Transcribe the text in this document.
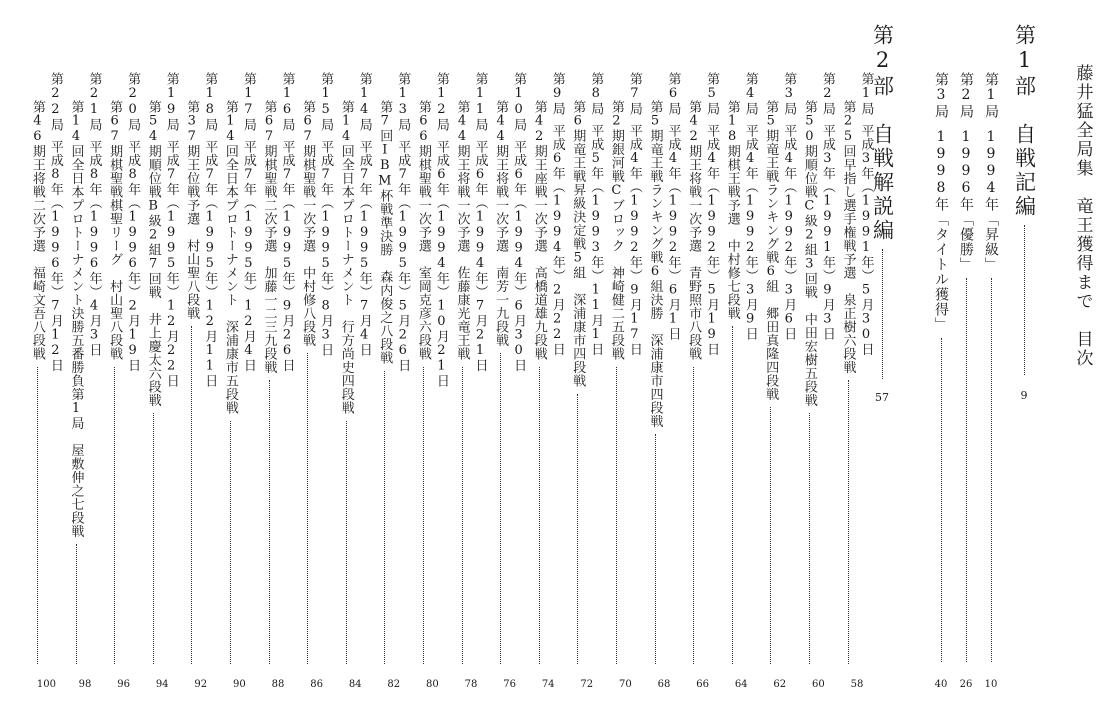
藤井猛全局集　竜王獲得まで　目次
第1部　自戦記編
9
第1局
1994年「昇級」
10
第2局
1996年「優勝」
26
第3局
1998年「タイトル獲得」
40
第2部　自戦解説編
57
第1局
平成3年（1991年）5月30日
第25回早指し選手権戦予選　泉正樹六段戦
58
第2局
平成3年（1991年）9月3日
第50期順位戦C級2組3回戦　中田宏樹五段戦
60
第3局
平成4年（1992年）3月6日
第5期竜王戦ランキング戦6組　郷田真隆四段戦
62
第4局
平成4年（1992年）3月9日
第18期棋王戦予選　中村修七段戦
64
第5局
平成4年（1992年）5月19日
第42期王将戦一次予選　青野照市八段戦
66
第6局
平成4年（1992年）6月1日
第5期竜王戦ランキング戦6組決勝　深浦康市四段戦
68
第7局
平成4年（1992年）9月17日
第2期銀河戦Cブロック　神崎健二五段戦
70
第8局
平成5年（1993年）11月1日
第6期竜王戦昇級決定戦5組　深浦康市四段戦
72
第9局
平成6年（1994年）2月22日
第42期王座戦一次予選　高橋道雄九段戦
74
第10局
平成6年（1994年）6月30日
第44期王将戦一次予選　南芳一九段戦
76
第11局
平成6年（1994年）7月21日
第44期王将戦一次予選　佐藤康光竜王戦
78
第12局
平成6年（1994年）10月21日
第66期棋聖戦一次予選　室岡克彦六段戦
80
第13局
平成7年（1995年）5月26日
第7回IBM杯戦準決勝　森内俊之八段戦
82
第14局
平成7年（1995年）7月4日
第14回全日本プロトーナメント　行方尚史四段戦
84
第15局
平成7年（1995年）8月3日
第67期棋聖戦一次予選　中村修八段戦
86
第16局
平成7年（1995年）9月26日
第67期棋聖戦二次予選　加藤一二三九段戦
88
第17局
平成7年（1995年）12月4日
第14回全日本プロトーナメント　深浦康市五段戦
90
第18局
平成7年（1995年）12月11日
第37期王位戦予選　村山聖八段戦
92
第19局
平成7年（1995年）12月22日
第54期順位戦B級2組7回戦　井上慶太六段戦
94
第20局
平成8年（1996年）2月19日
第67期棋聖戦棋聖リーグ　村山聖八段戦
96
第21局
平成8年（1996年）4月3日
第14回全日本プロトーナメント決勝五番勝負第1局　屋敷伸之七段戦
98
第22局
平成8年（1996年）7月12日
第46期王将戦二次予選　福崎文吾八段戦
100
